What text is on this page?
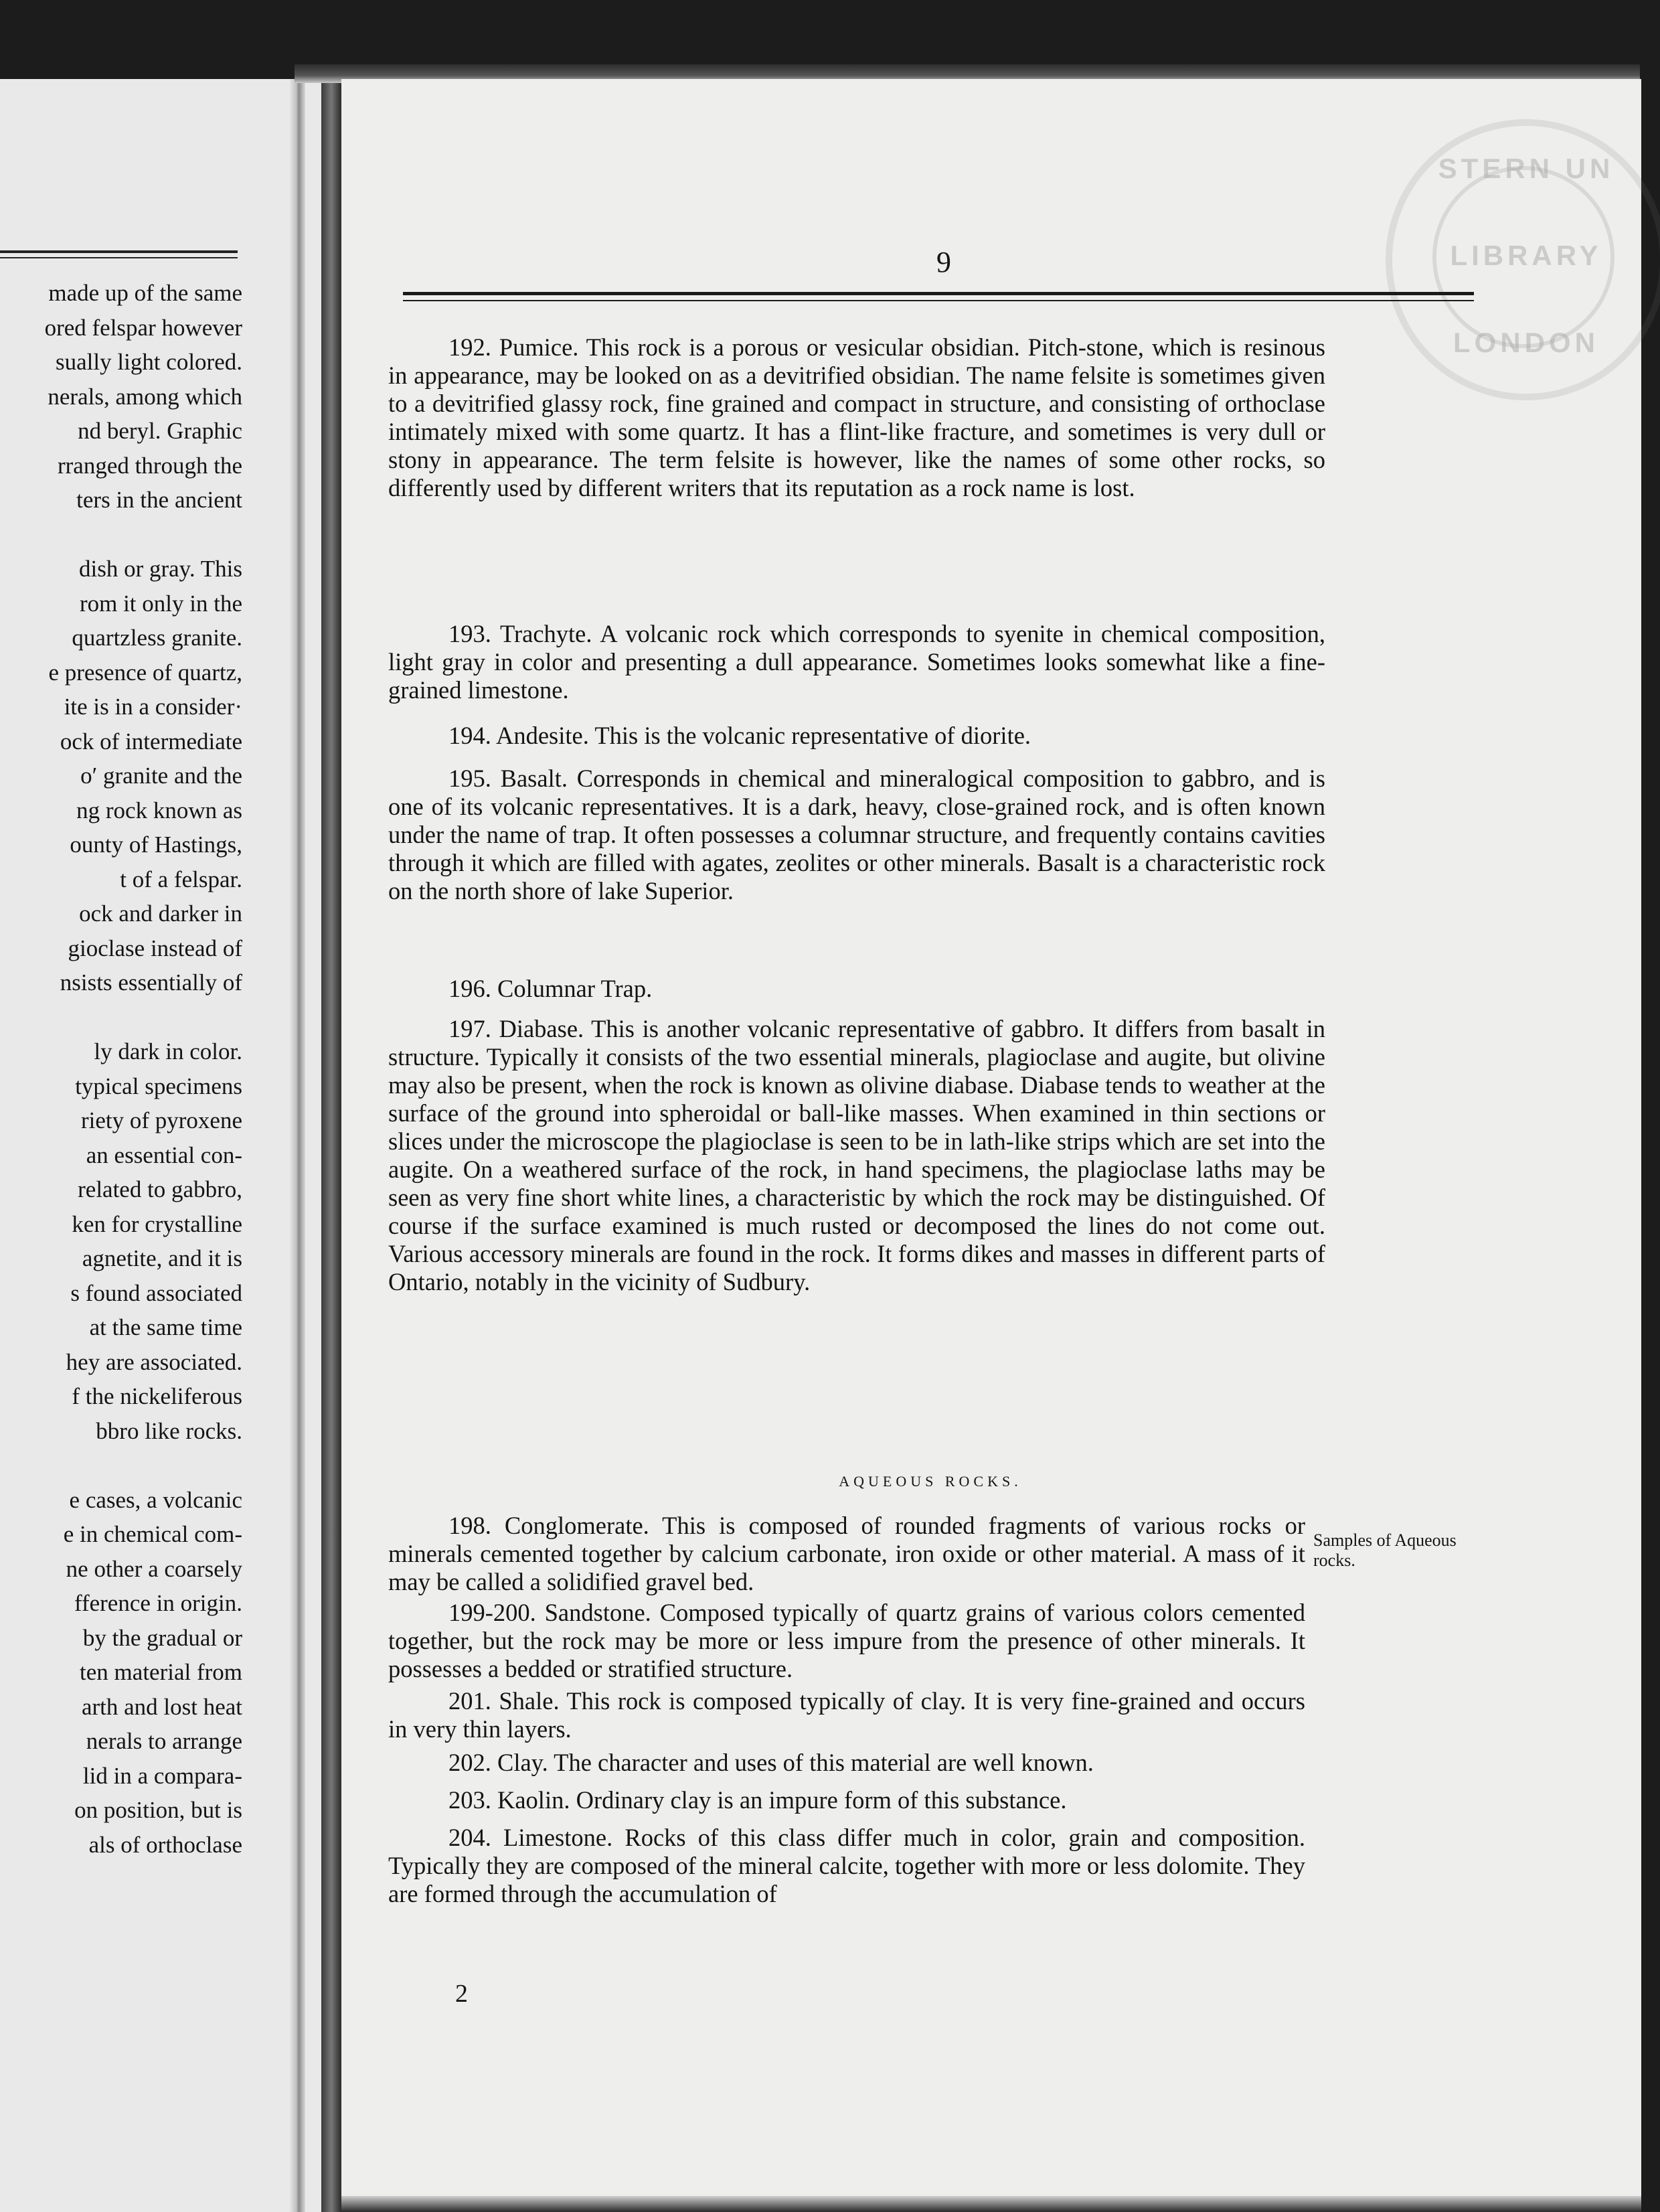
made up of the same
ored felspar however
sually light colored.
nerals, among which
nd beryl. Graphic
rranged through the
ters in the ancient
dish or gray. This
rom it only in the
quartzless granite.
e presence of quartz,
ite is in a consider·
ock of intermediate
o′ granite and the
ng rock known as
ounty of Hastings,
t of a felspar.
ock and darker in
gioclase instead of
nsists essentially of
ly dark in color.
typical specimens
riety of pyroxene
an essential con-
related to gabbro,
ken for crystalline
agnetite, and it is
s found associated
at the same time
hey are associated.
f the nickeliferous
bbro like rocks.
e cases, a volcanic
e in chemical com-
ne other a coarsely
fference in origin.
by the gradual or
ten material from
arth and lost heat
nerals to arrange
lid in a compara-
on position, but is
als of orthoclase
STERN UN
LIBRARY
LONDON
9
192. Pumice. This rock is a porous or vesicular obsidian. Pitch-stone, which is resinous in appearance, may be looked on as a devitrified obsidian. The name felsite is sometimes given to a devitrified glassy rock, fine grained and compact in structure, and consisting of orthoclase intimately mixed with some quartz. It has a flint-like fracture, and sometimes is very dull or stony in appearance. The term felsite is however, like the names of some other rocks, so differently used by different writers that its reputation as a rock name is lost.
193. Trachyte. A volcanic rock which corresponds to syenite in chemical composition, light gray in color and presenting a dull appearance. Sometimes looks somewhat like a fine-grained limestone.
194. Andesite. This is the volcanic representative of diorite.
195. Basalt. Corresponds in chemical and mineralogical composition to gabbro, and is one of its volcanic representatives. It is a dark, heavy, close-grained rock, and is often known under the name of trap. It often possesses a columnar structure, and frequently contains cavities through it which are filled with agates, zeolites or other minerals. Basalt is a characteristic rock on the north shore of lake Superior.
196. Columnar Trap.
197. Diabase. This is another volcanic representative of gabbro. It differs from basalt in structure. Typically it consists of the two essential minerals, plagioclase and augite, but olivine may also be present, when the rock is known as olivine diabase. Diabase tends to weather at the surface of the ground into spheroidal or ball-like masses. When examined in thin sections or slices under the microscope the plagioclase is seen to be in lath-like strips which are set into the augite. On a weathered surface of the rock, in hand specimens, the plagioclase laths may be seen as very fine short white lines, a characteristic by which the rock may be distinguished. Of course if the surface examined is much rusted or decomposed the lines do not come out. Various accessory minerals are found in the rock. It forms dikes and masses in different parts of Ontario, notably in the vicinity of Sudbury.
AQUEOUS ROCKS.
198. Conglomerate. This is composed of rounded fragments of various rocks or minerals cemented together by calcium carbonate, iron oxide or other material. A mass of it may be called a solidified gravel bed.
Samples of Aqueous rocks.
199-200. Sandstone. Composed typically of quartz grains of various colors cemented together, but the rock may be more or less impure from the presence of other minerals. It possesses a bedded or stratified structure.
201. Shale. This rock is composed typically of clay. It is very fine-grained and occurs in very thin layers.
202. Clay. The character and uses of this material are well known.
203. Kaolin. Ordinary clay is an impure form of this substance.
204. Limestone. Rocks of this class differ much in color, grain and composition. Typically they are composed of the mineral calcite, together with more or less dolomite. They are formed through the accumulation of
2
